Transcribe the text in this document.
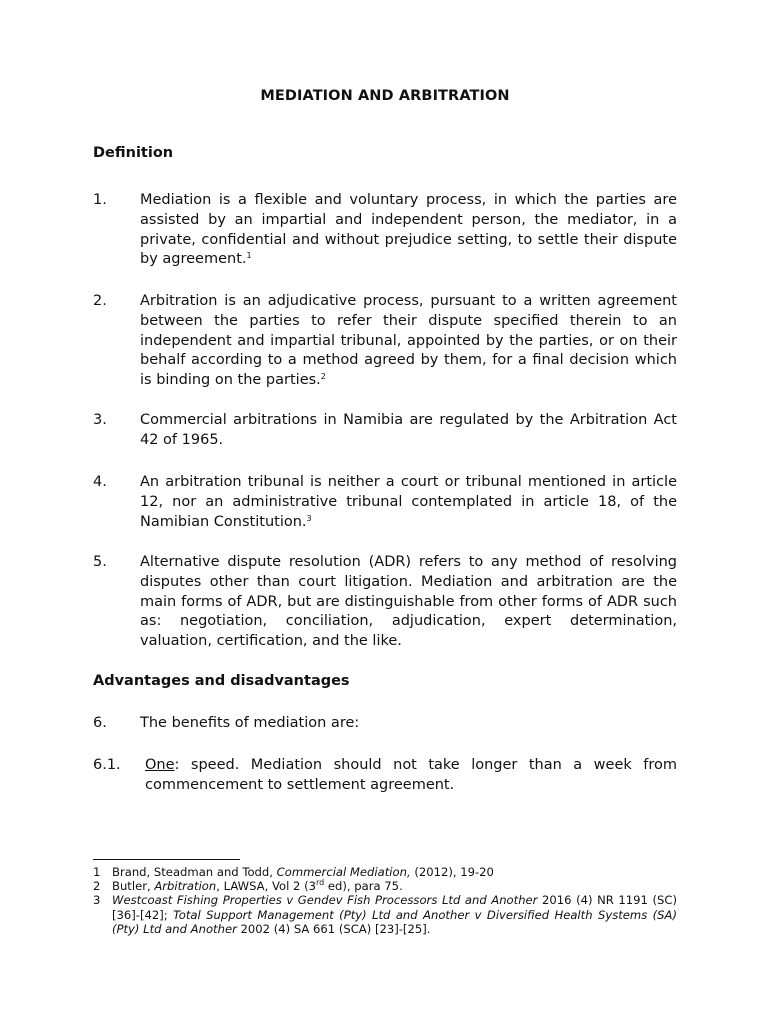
MEDIATION AND ARBITRATION
Definition
1. Mediation is a flexible and voluntary process, in which the parties are assisted by an impartial and independent person, the mediator, in a private, confidential and without prejudice setting, to settle their dispute by agreement.$^1$
2. Arbitration is an adjudicative process, pursuant to a written agreement between the parties to refer their dispute specified therein to an independent and impartial tribunal, appointed by the parties, or on their behalf according to a method agreed by them, for a final decision which is binding on the parties.$^2$
3. Commercial arbitrations in Namibia are regulated by the Arbitration Act 42 of 1965.
4. An arbitration tribunal is neither a court or tribunal mentioned in article 12, nor an administrative tribunal contemplated in article 18, of the Namibian Constitution.$^3$
5. Alternative dispute resolution (ADR) refers to any method of resolving disputes other than court litigation. Mediation and arbitration are the main forms of ADR, but are distinguishable from other forms of ADR such as: negotiation, conciliation, adjudication, expert determination, valuation, certification, and the like.
Advantages and disadvantages
6. The benefits of mediation are:
6.1. One: speed. Mediation should not take longer than a week from commencement to settlement agreement.
1 Brand, Steadman and Todd, Commercial Mediation, (2012), 19-20
2 Butler, Arbitration, LAWSA, Vol 2 (3rd ed), para 75.
3 Westcoast Fishing Properties v Gendev Fish Processors Ltd and Another 2016 (4) NR 1191 (SC) [36]-[42]; Total Support Management (Pty) Ltd and Another v Diversified Health Systems (SA) (Pty) Ltd and Another 2002 (4) SA 661 (SCA) [23]-[25].
